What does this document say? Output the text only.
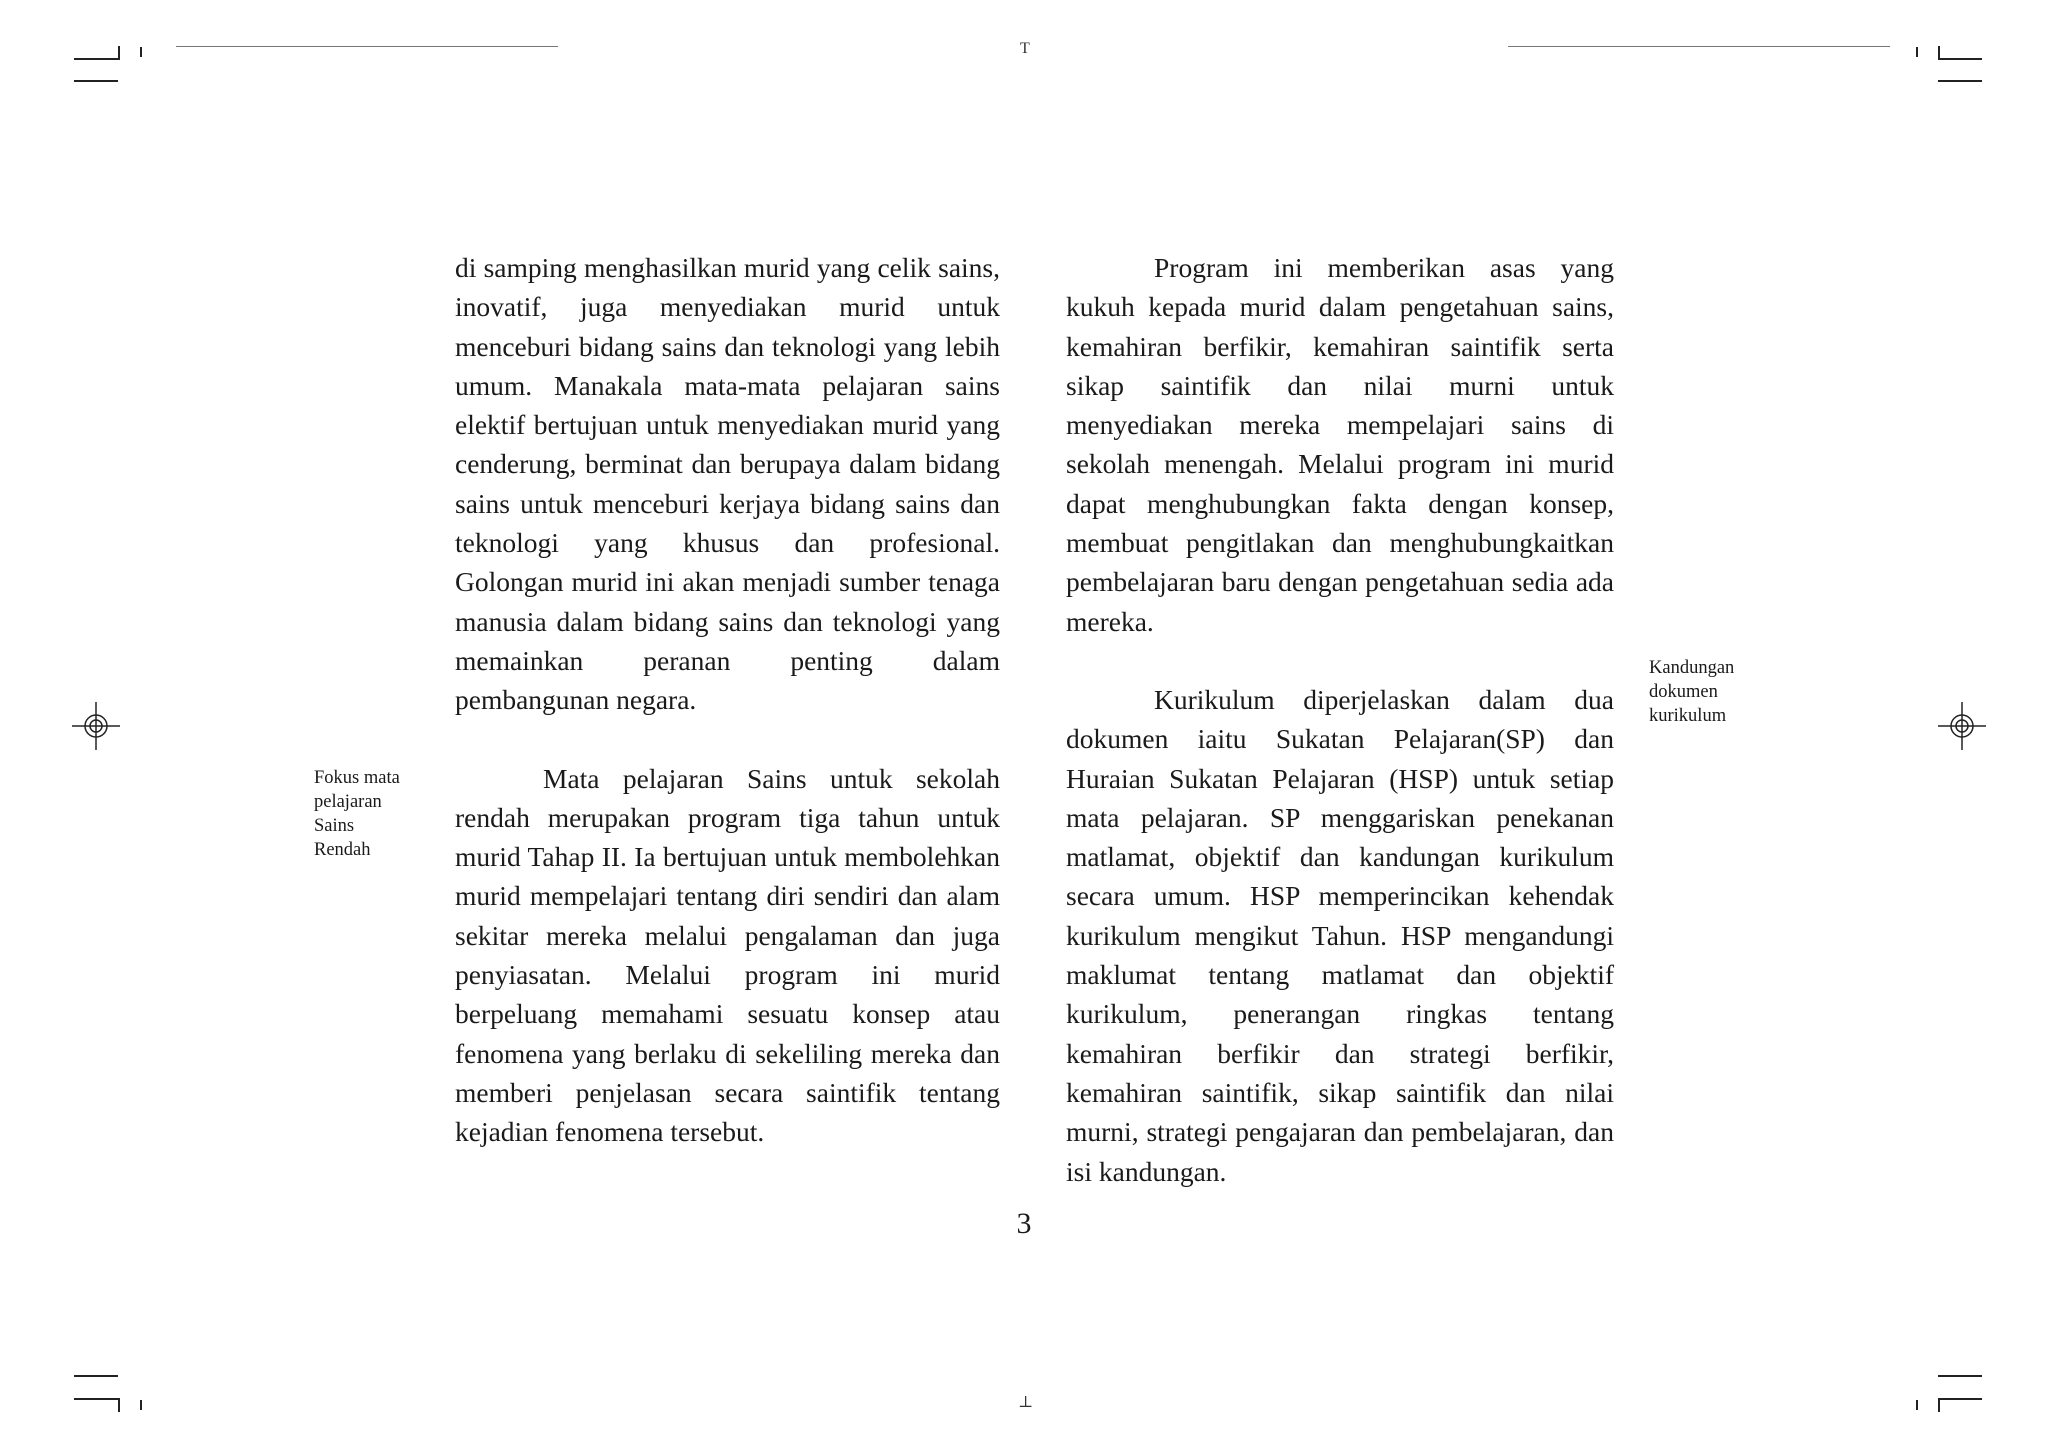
T
⊥

di samping menghasilkan murid yang celik sains, inovatif, juga menyediakan murid untuk menceburi bidang sains dan teknologi yang lebih umum. Manakala mata-mata pelajaran sains elektif bertujuan untuk menyediakan murid yang cenderung, berminat dan berupaya dalam bidang sains untuk menceburi kerjaya bidang sains dan teknologi yang khusus dan profesional. Golongan murid ini akan menjadi sumber tenaga manusia dalam bidang sains dan teknologi yang memainkan peranan penting dalam pembangunan negara.

Mata pelajaran Sains untuk sekolah rendah merupakan program tiga tahun untuk murid Tahap II. Ia bertujuan untuk membolehkan murid mempelajari tentang diri sendiri dan alam sekitar mereka melalui pengalaman dan juga penyiasatan. Melalui program ini murid berpeluang memahami sesuatu konsep atau fenomena yang berlaku di sekeliling mereka dan memberi penjelasan secara saintifik tentang kejadian fenomena tersebut.

Program ini memberikan asas yang kukuh kepada murid dalam pengetahuan sains, kemahiran berfikir, kemahiran saintifik serta sikap saintifik dan nilai murni untuk menyediakan mereka mempelajari sains di sekolah menengah. Melalui program ini murid dapat menghubungkan fakta dengan konsep, membuat pengitlakan dan menghubungkaitkan pembelajaran baru dengan pengetahuan sedia ada mereka.

Kurikulum diperjelaskan dalam dua dokumen iaitu Sukatan Pelajaran(SP) dan Huraian Sukatan Pelajaran (HSP) untuk setiap mata pelajaran. SP menggariskan penekanan matlamat, objektif dan kandungan kurikulum secara umum. HSP memperincikan kehendak kurikulum mengikut Tahun. HSP mengandungi maklumat tentang matlamat dan objektif kurikulum, penerangan ringkas tentang kemahiran berfikir dan strategi berfikir, kemahiran saintifik, sikap saintifik dan nilai murni, strategi pengajaran dan pembelajaran, dan isi kandungan.

Fokus mata
pelajaran
Sains
Rendah
Kandungan
dokumen
kurikulum
3
